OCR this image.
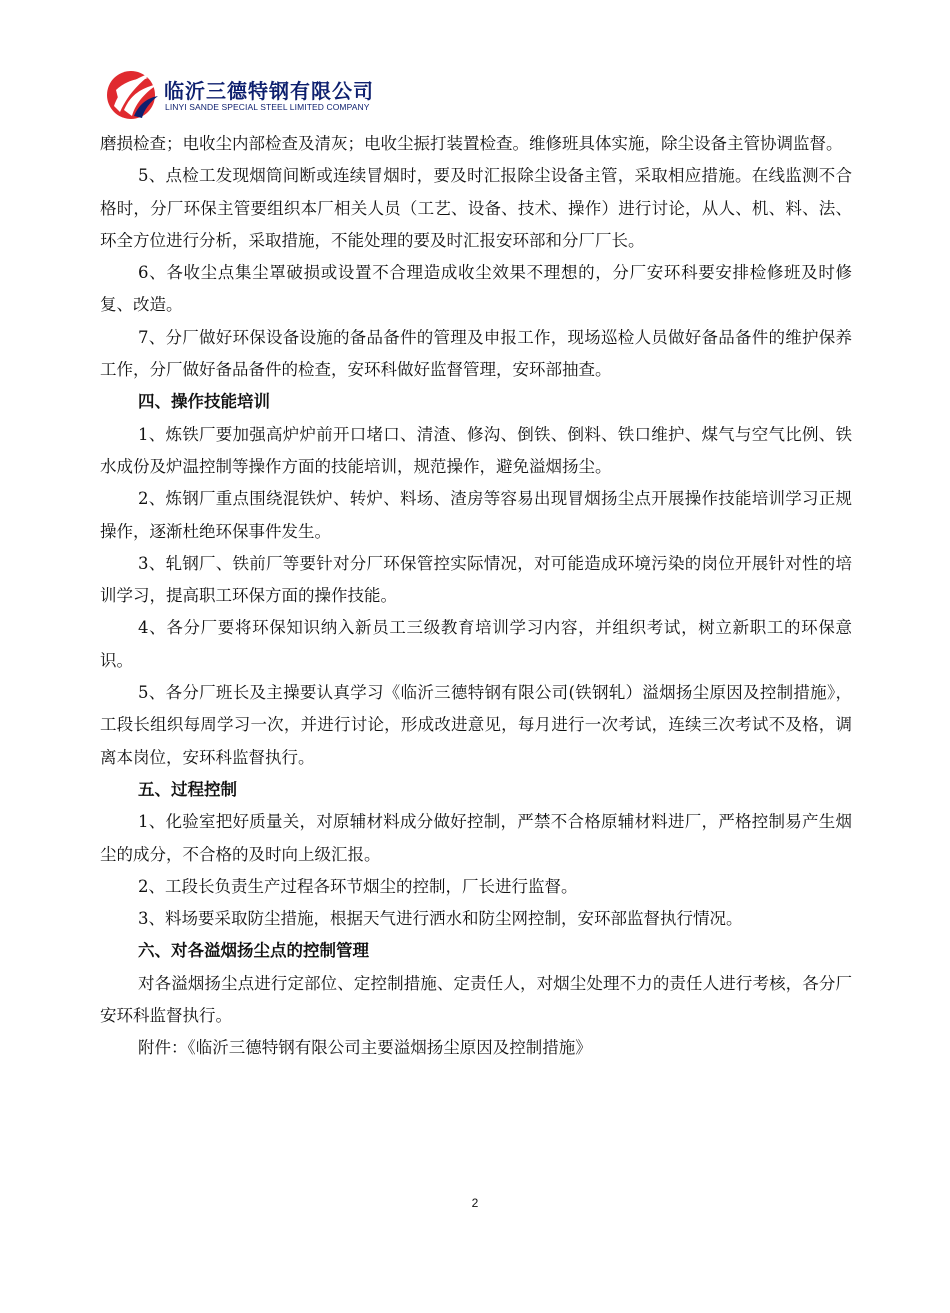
临沂三德特钢有限公司
LINYI SANDE SPECIAL STEEL LIMITED COMPANY

磨损检查；电收尘内部检查及清灰；电收尘振打装置检查。维修班具体实施，除尘设备主管协调监督。

5、点检工发现烟筒间断或连续冒烟时，要及时汇报除尘设备主管，采取相应措施。在线监测不合格时，分厂环保主管要组织本厂相关人员（工艺、设备、技术、操作）进行讨论，从人、机、料、法、环全方位进行分析，采取措施，不能处理的要及时汇报安环部和分厂厂长。

6、各收尘点集尘罩破损或设置不合理造成收尘效果不理想的，分厂安环科要安排检修班及时修复、改造。

7、分厂做好环保设备设施的备品备件的管理及申报工作，现场巡检人员做好备品备件的维护保养工作，分厂做好备品备件的检查，安环科做好监督管理，安环部抽查。

四、操作技能培训

1、炼铁厂要加强高炉炉前开口堵口、清渣、修沟、倒铁、倒料、铁口维护、煤气与空气比例、铁水成份及炉温控制等操作方面的技能培训，规范操作，避免溢烟扬尘。

2、炼钢厂重点围绕混铁炉、转炉、料场、渣房等容易出现冒烟扬尘点开展操作技能培训学习正规操作，逐渐杜绝环保事件发生。

3、轧钢厂、铁前厂等要针对分厂环保管控实际情况，对可能造成环境污染的岗位开展针对性的培训学习，提高职工环保方面的操作技能。

4、各分厂要将环保知识纳入新员工三级教育培训学习内容，并组织考试，树立新职工的环保意识。

5、各分厂班长及主操要认真学习《临沂三德特钢有限公司(铁钢轧）溢烟扬尘原因及控制措施》，工段长组织每周学习一次，并进行讨论，形成改进意见，每月进行一次考试，连续三次考试不及格，调离本岗位，安环科监督执行。

五、过程控制

1、化验室把好质量关，对原辅材料成分做好控制，严禁不合格原辅材料进厂，严格控制易产生烟尘的成分，不合格的及时向上级汇报。

2、工段长负责生产过程各环节烟尘的控制，厂长进行监督。

3、料场要采取防尘措施，根据天气进行洒水和防尘网控制，安环部监督执行情况。

六、对各溢烟扬尘点的控制管理

对各溢烟扬尘点进行定部位、定控制措施、定责任人，对烟尘处理不力的责任人进行考核，各分厂安环科监督执行。

附件：《临沂三德特钢有限公司主要溢烟扬尘原因及控制措施》

2
